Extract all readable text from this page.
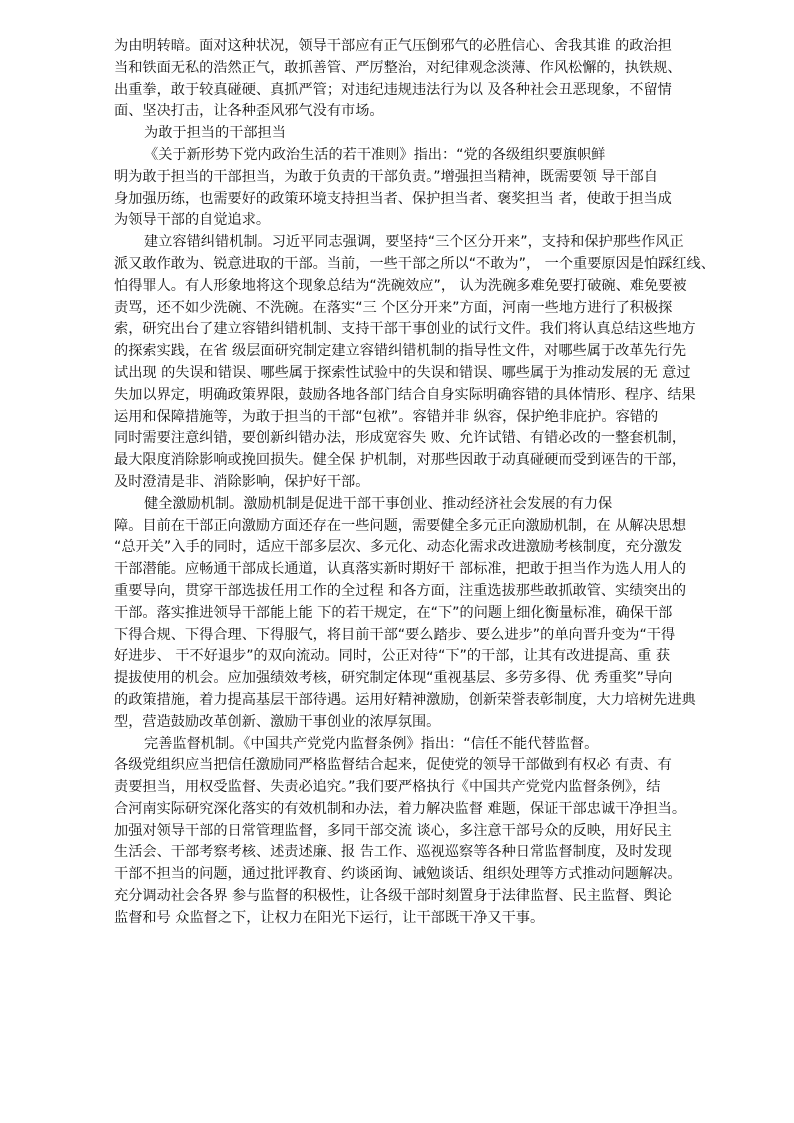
为由明转暗。面对这种状况，领导干部应有正气压倒邪气的必胜信心、舍我其谁 的政治担
当和铁面无私的浩然正气，敢抓善管、严厉整治，对纪律观念淡薄、作风松懈的，执铁规、
出重拳，敢于较真碰硬、真抓严管；对违纪违规违法行为以 及各种社会丑恶现象，不留情
面、坚决打击，让各种歪风邪气没有市场。
为敢于担当的干部担当
《关于新形势下党内政治生活的若干准则》指出：“党的各级组织要旗帜鲜
明为敢于担当的干部担当，为敢于负责的干部负责。”增强担当精神，既需要领 导干部自
身加强历练，也需要好的政策环境支持担当者、保护担当者、褒奖担当 者，使敢于担当成
为领导干部的自觉追求。
建立容错纠错机制。习近平同志强调，要坚持“三个区分开来”，支持和保护那些作风正
派又敢作敢为、锐意进取的干部。当前，一些干部之所以“不敢为”， 一个重要原因是怕踩红线、
怕得罪人。有人形象地将这个现象总结为“洗碗效应”， 认为洗碗多难免要打破碗、难免要被
责骂，还不如少洗碗、不洗碗。在落实“三 个区分开来”方面，河南一些地方进行了积极探
索，研究出台了建立容错纠错机制、支持干部干事创业的试行文件。我们将认真总结这些地方
的探索实践，在省 级层面研究制定建立容错纠错机制的指导性文件，对哪些属于改革先行先
试出现 的失误和错误、哪些属于探索性试验中的失误和错误、哪些属于为推动发展的无 意过
失加以界定，明确政策界限，鼓励各地各部门结合自身实际明确容错的具体情形、程序、结果
运用和保障措施等，为敢于担当的干部“包袱”。容错并非 纵容，保护绝非庇护。容错的
同时需要注意纠错，要创新纠错办法，形成宽容失 败、允许试错、有错必改的一整套机制，
最大限度消除影响或挽回损失。健全保 护机制，对那些因敢于动真碰硬而受到诬告的干部，
及时澄清是非、消除影响，保护好干部。
健全激励机制。激励机制是促进干部干事创业、推动经济社会发展的有力保
障。目前在干部正向激励方面还存在一些问题，需要健全多元正向激励机制，在 从解决思想
“总开关”入手的同时，适应干部多层次、多元化、动态化需求改进激励考核制度，充分激发
干部潜能。应畅通干部成长通道，认真落实新时期好干 部标准，把敢于担当作为选人用人的
重要导向，贯穿干部选拔任用工作的全过程 和各方面，注重选拔那些敢抓敢管、实绩突出的
干部。落实推进领导干部能上能 下的若干规定，在“下”的问题上细化衡量标准，确保干部
下得合规、下得合理、下得服气，将目前干部“要么踏步、要么进步”的单向晋升变为“干得
好进步、 干不好退步”的双向流动。同时，公正对待“下”的干部，让其有改进提高、重 获
提拔使用的机会。应加强绩效考核，研究制定体现“重视基层、多劳多得、优 秀重奖”导向
的政策措施，着力提高基层干部待遇。运用好精神激励，创新荣誉表彰制度，大力培树先进典
型，营造鼓励改革创新、激励干事创业的浓厚氛围。
完善监督机制。《中国共产党党内监督条例》指出：“信任不能代替监督。
各级党组织应当把信任激励同严格监督结合起来，促使党的领导干部做到有权必 有责、有
责要担当，用权受监督、失责必追究。”我们要严格执行《中国共产党党内监督条例》，结
合河南实际研究深化落实的有效机制和办法，着力解决监督 难题，保证干部忠诚干净担当。
加强对领导干部的日常管理监督，多同干部交流 谈心，多注意干部号众的反映，用好民主
生活会、干部考察考核、述责述廉、报 告工作、巡视巡察等各种日常监督制度，及时发现
干部不担当的问题，通过批评教育、约谈函询、诫勉谈话、组织处理等方式推动问题解决。
充分调动社会各界 参与监督的积极性，让各级干部时刻置身于法律监督、民主监督、舆论
监督和号 众监督之下，让权力在阳光下运行，让干部既干净又干事。
